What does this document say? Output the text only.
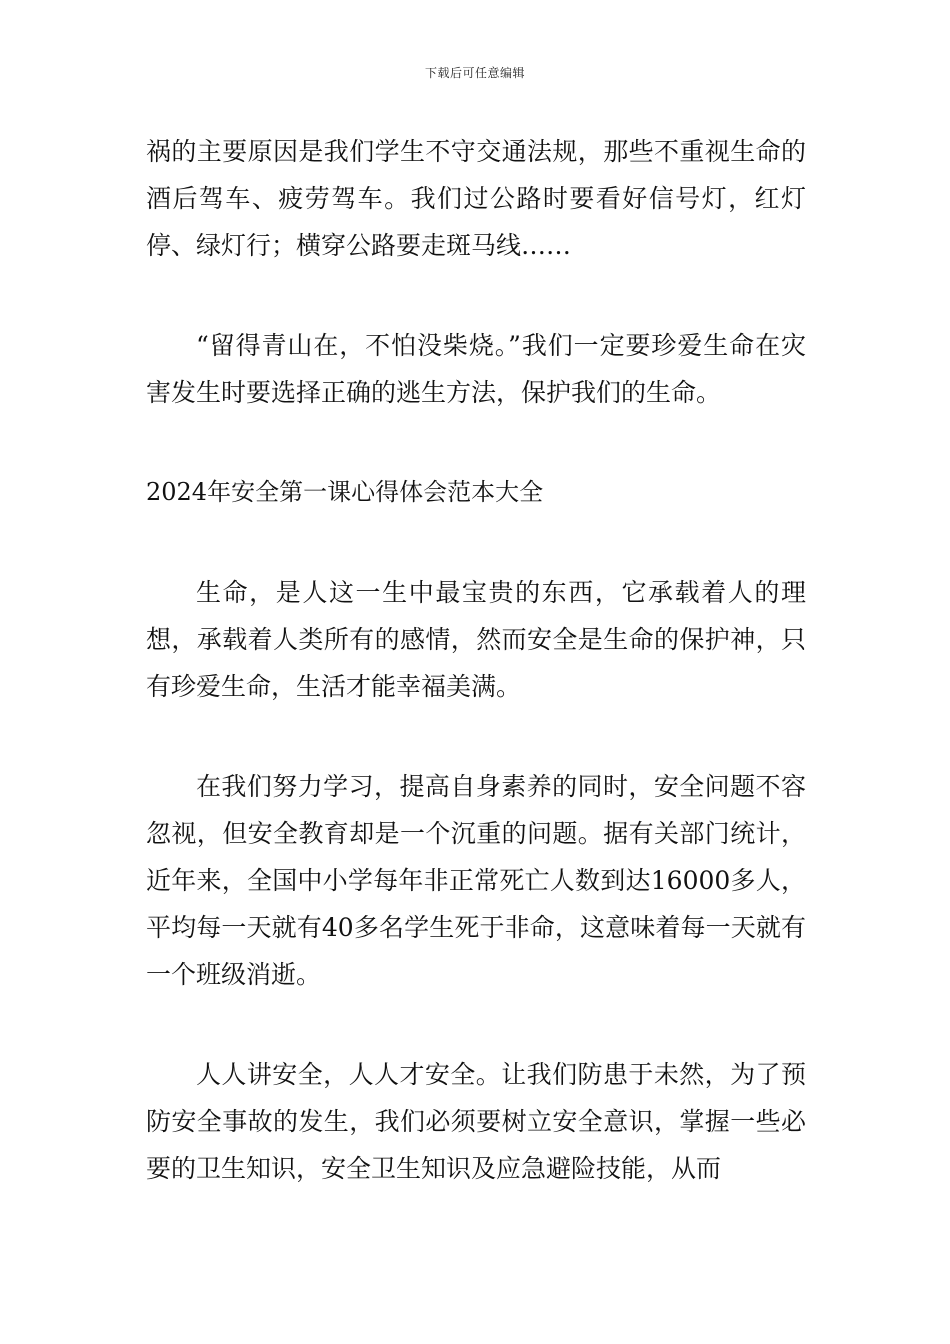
下载后可任意编辑

祸的主要原因是我们学生不守交通法规，那些不重视生命的酒后驾车、疲劳驾车。我们过公路时要看好信号灯，红灯停、绿灯行；横穿公路要走斑马线……

“留得青山在，不怕没柴烧。”我们一定要珍爱生命在灾害发生时要选择正确的逃生方法，保护我们的生命。

2024年安全第一课心得体会范本大全

生命，是人这一生中最宝贵的东西，它承载着人的理想，承载着人类所有的感情，然而安全是生命的保护神，只有珍爱生命，生活才能幸福美满。

在我们努力学习，提高自身素养的同时，安全问题不容忽视，但安全教育却是一个沉重的问题。据有关部门统计，近年来，全国中小学每年非正常死亡人数到达16000多人，平均每一天就有40多名学生死于非命，这意味着每一天就有一个班级消逝。

人人讲安全，人人才安全。让我们防患于未然，为了预防安全事故的发生，我们必须要树立安全意识，掌握一些必要的卫生知识，安全卫生知识及应急避险技能，从而
